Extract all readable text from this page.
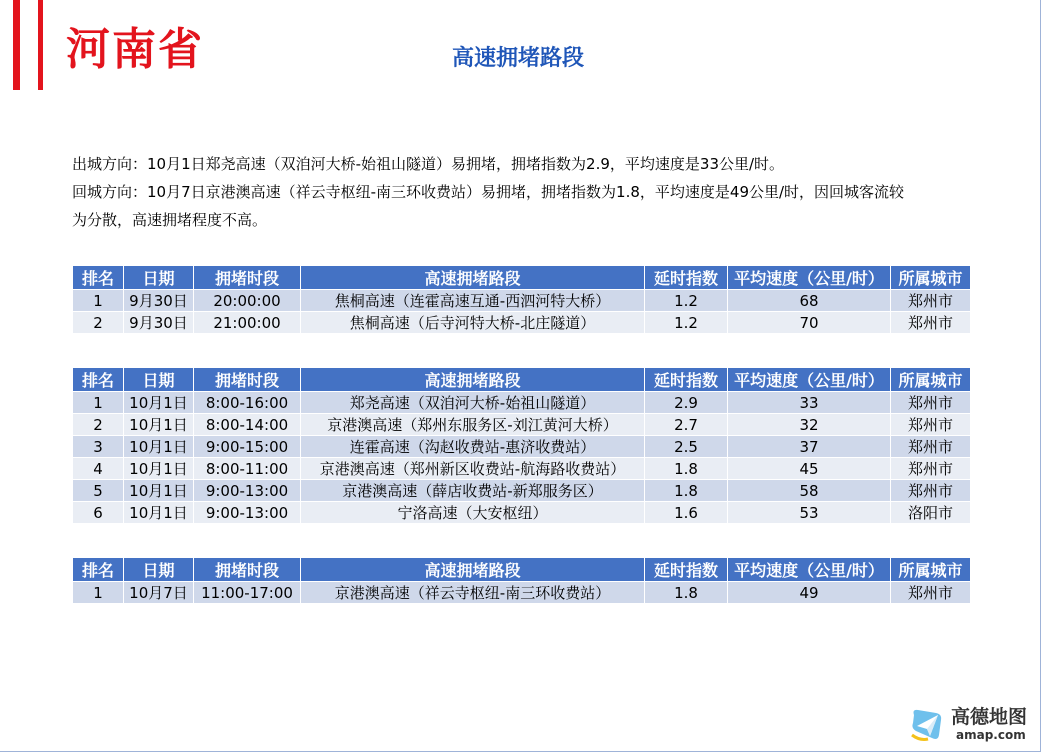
河南省	高速拥堵路段
出城方向：10月1日郑尧高速（双洎河大桥-始祖山隧道）易拥堵，拥堵指数为2.9，平均速度是33公里/时。
回城方向：10月7日京港澳高速（祥云寺枢纽-南三环收费站）易拥堵，拥堵指数为1.8，平均速度是49公里/时，因回城客流较
为分散，高速拥堵程度不高。
排名	日期	拥堵时段	高速拥堵路段	延时指数	平均速度（公里/时）	所属城市
1	9月30日	20:00:00	焦桐高速（连霍高速互通-西泗河特大桥）	1.2	68	郑州市
2	9月30日	21:00:00	焦桐高速（后寺河特大桥-北庄隧道）	1.2	70	郑州市
排名	日期	拥堵时段	高速拥堵路段	延时指数	平均速度（公里/时）	所属城市
1	10月1日	8:00-16:00	郑尧高速（双洎河大桥-始祖山隧道）	2.9	33	郑州市
2	10月1日	8:00-14:00	京港澳高速（郑州东服务区-刘江黄河大桥）	2.7	32	郑州市
3	10月1日	9:00-15:00	连霍高速（沟赵收费站-惠济收费站）	2.5	37	郑州市
4	10月1日	8:00-11:00	京港澳高速（郑州新区收费站-航海路收费站）	1.8	45	郑州市
5	10月1日	9:00-13:00	京港澳高速（薛店收费站-新郑服务区）	1.8	58	郑州市
6	10月1日	9:00-13:00	宁洛高速（大安枢纽）	1.6	53	洛阳市
排名	日期	拥堵时段	高速拥堵路段	延时指数	平均速度（公里/时）	所属城市
1	10月7日	11:00-17:00	京港澳高速（祥云寺枢纽-南三环收费站）	1.8	49	郑州市
高德地图
amap.com
